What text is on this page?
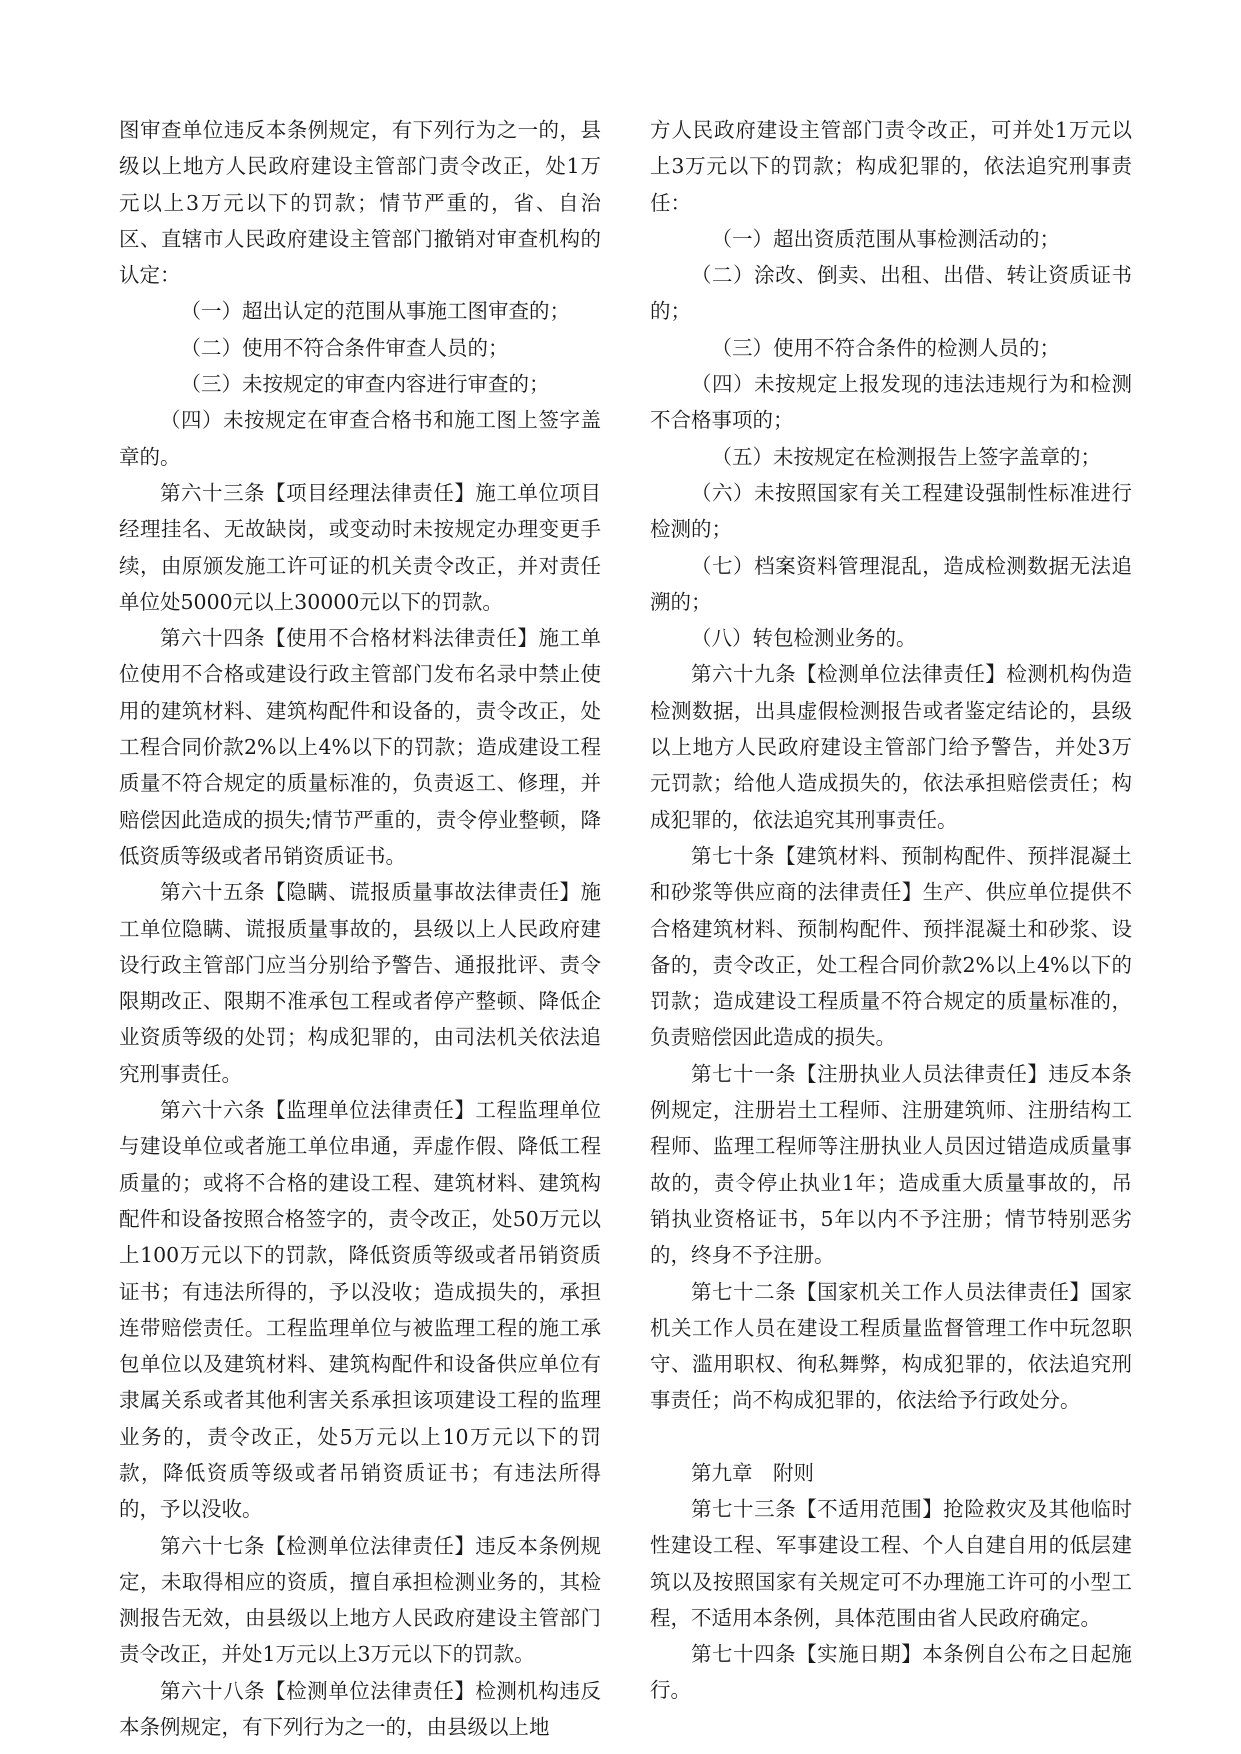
图审查单位违反本条例规定，有下列行为之一的，县级以上地方人民政府建设主管部门责令改正，处1万元以上3万元以下的罚款；情节严重的，省、自治区、直辖市人民政府建设主管部门撤销对审查机构的认定：

（一）超出认定的范围从事施工图审查的；

（二）使用不符合条件审查人员的；

（三）未按规定的审查内容进行审查的；

（四）未按规定在审查合格书和施工图上签字盖章的。

第六十三条【项目经理法律责任】施工单位项目经理挂名、无故缺岗，或变动时未按规定办理变更手续，由原颁发施工许可证的机关责令改正，并对责任单位处5000元以上30000元以下的罚款。

第六十四条【使用不合格材料法律责任】施工单位使用不合格或建设行政主管部门发布名录中禁止使用的建筑材料、建筑构配件和设备的，责令改正，处工程合同价款2%以上4%以下的罚款；造成建设工程质量不符合规定的质量标准的，负责返工、修理，并赔偿因此造成的损失;情节严重的，责令停业整顿，降低资质等级或者吊销资质证书。

第六十五条【隐瞒、谎报质量事故法律责任】施工单位隐瞒、谎报质量事故的，县级以上人民政府建设行政主管部门应当分别给予警告、通报批评、责令限期改正、限期不准承包工程或者停产整顿、降低企业资质等级的处罚；构成犯罪的，由司法机关依法追究刑事责任。

第六十六条【监理单位法律责任】工程监理单位与建设单位或者施工单位串通，弄虚作假、降低工程质量的；或将不合格的建设工程、建筑材料、建筑构配件和设备按照合格签字的，责令改正，处50万元以上100万元以下的罚款，降低资质等级或者吊销资质证书；有违法所得的，予以没收；造成损失的，承担连带赔偿责任。工程监理单位与被监理工程的施工承包单位以及建筑材料、建筑构配件和设备供应单位有隶属关系或者其他利害关系承担该项建设工程的监理业务的，责令改正，处5万元以上10万元以下的罚款，降低资质等级或者吊销资质证书；有违法所得的，予以没收。

第六十七条【检测单位法律责任】违反本条例规定，未取得相应的资质，擅自承担检测业务的，其检测报告无效，由县级以上地方人民政府建设主管部门责令改正，并处1万元以上3万元以下的罚款。

第六十八条【检测单位法律责任】检测机构违反本条例规定，有下列行为之一的，由县级以上地

方人民政府建设主管部门责令改正，可并处1万元以上3万元以下的罚款；构成犯罪的，依法追究刑事责任：

（一）超出资质范围从事检测活动的；

（二）涂改、倒卖、出租、出借、转让资质证书的；

（三）使用不符合条件的检测人员的；

（四）未按规定上报发现的违法违规行为和检测不合格事项的；

（五）未按规定在检测报告上签字盖章的；

（六）未按照国家有关工程建设强制性标准进行检测的；

（七）档案资料管理混乱，造成检测数据无法追溯的；

（八）转包检测业务的。

第六十九条【检测单位法律责任】检测机构伪造检测数据，出具虚假检测报告或者鉴定结论的，县级以上地方人民政府建设主管部门给予警告，并处3万元罚款；给他人造成损失的，依法承担赔偿责任；构成犯罪的，依法追究其刑事责任。

第七十条【建筑材料、预制构配件、预拌混凝土和砂浆等供应商的法律责任】生产、供应单位提供不合格建筑材料、预制构配件、预拌混凝土和砂浆、设备的，责令改正，处工程合同价款2%以上4%以下的罚款；造成建设工程质量不符合规定的质量标准的，负责赔偿因此造成的损失。

第七十一条【注册执业人员法律责任】违反本条例规定，注册岩土工程师、注册建筑师、注册结构工程师、监理工程师等注册执业人员因过错造成质量事故的，责令停止执业1年；造成重大质量事故的，吊销执业资格证书，5年以内不予注册；情节特别恶劣的，终身不予注册。

第七十二条【国家机关工作人员法律责任】国家机关工作人员在建设工程质量监督管理工作中玩忽职守、滥用职权、徇私舞弊，构成犯罪的，依法追究刑事责任；尚不构成犯罪的，依法给予行政处分。

第九章　附则

第七十三条【不适用范围】抢险救灾及其他临时性建设工程、军事建设工程、个人自建自用的低层建筑以及按照国家有关规定可不办理施工许可的小型工程，不适用本条例，具体范围由省人民政府确定。

第七十四条【实施日期】本条例自公布之日起施行。
